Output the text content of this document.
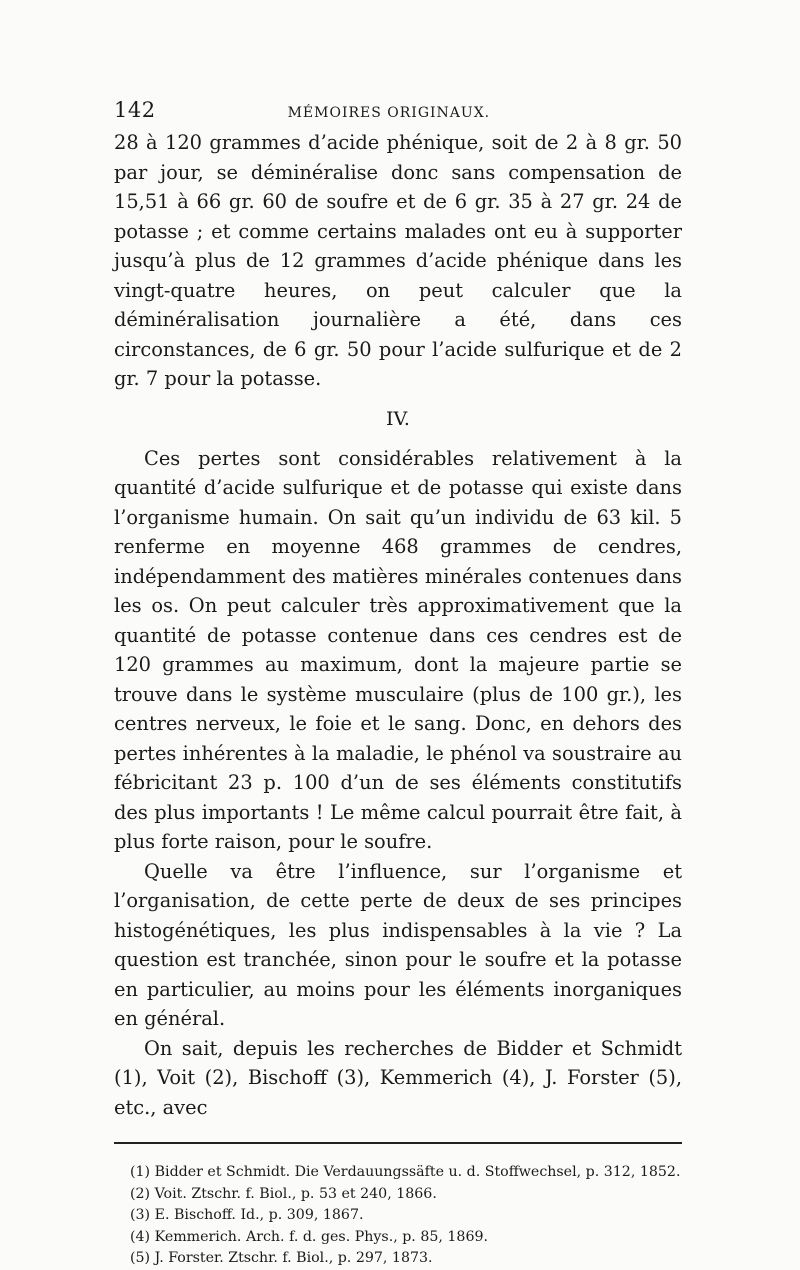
142	MÉMOIRES ORIGINAUX.

28 à 120 grammes d’acide phénique, soit de 2 à 8 gr. 50 par jour, se déminéralise donc sans compensation de 15,51 à 66 gr. 60 de soufre et de 6 gr. 35 à 27 gr. 24 de potasse ; et comme certains malades ont eu à supporter jusqu’à plus de 12 grammes d’acide phénique dans les vingt-quatre heures, on peut calculer que la déminéralisation journalière a été, dans ces circonstances, de 6 gr. 50 pour l’acide sulfurique et de 2 gr. 7 pour la potasse.

IV.

Ces pertes sont considérables relativement à la quantité d’acide sulfurique et de potasse qui existe dans l’organisme humain. On sait qu’un individu de 63 kil. 5 renferme en moyenne 468 grammes de cendres, indépendamment des matières minérales contenues dans les os. On peut calculer très approximativement que la quantité de potasse contenue dans ces cendres est de 120 grammes au maximum, dont la majeure partie se trouve dans le système musculaire (plus de 100 gr.), les centres nerveux, le foie et le sang. Donc, en dehors des pertes inhérentes à la maladie, le phénol va soustraire au fébricitant 23 p. 100 d’un de ses éléments constitutifs des plus importants ! Le même calcul pourrait être fait, à plus forte raison, pour le soufre.

Quelle va être l’influence, sur l’organisme et l’organisation, de cette perte de deux de ses principes histogénétiques, les plus indispensables à la vie ? La question est tranchée, sinon pour le soufre et la potasse en particulier, au moins pour les éléments inorganiques en général.

On sait, depuis les recherches de Bidder et Schmidt (1), Voit (2), Bischoff (3), Kemmerich (4), J. Forster (5), etc., avec

(1) Bidder et Schmidt. Die Verdauungssäfte u. d. Stoffwechsel, p. 312, 1852.

(2) Voit. Ztschr. f. Biol., p. 53 et 240, 1866.

(3) E. Bischoff. Id., p. 309, 1867.

(4) Kemmerich. Arch. f. d. ges. Phys., p. 85, 1869.

(5) J. Forster. Ztschr. f. Biol., p. 297, 1873.
